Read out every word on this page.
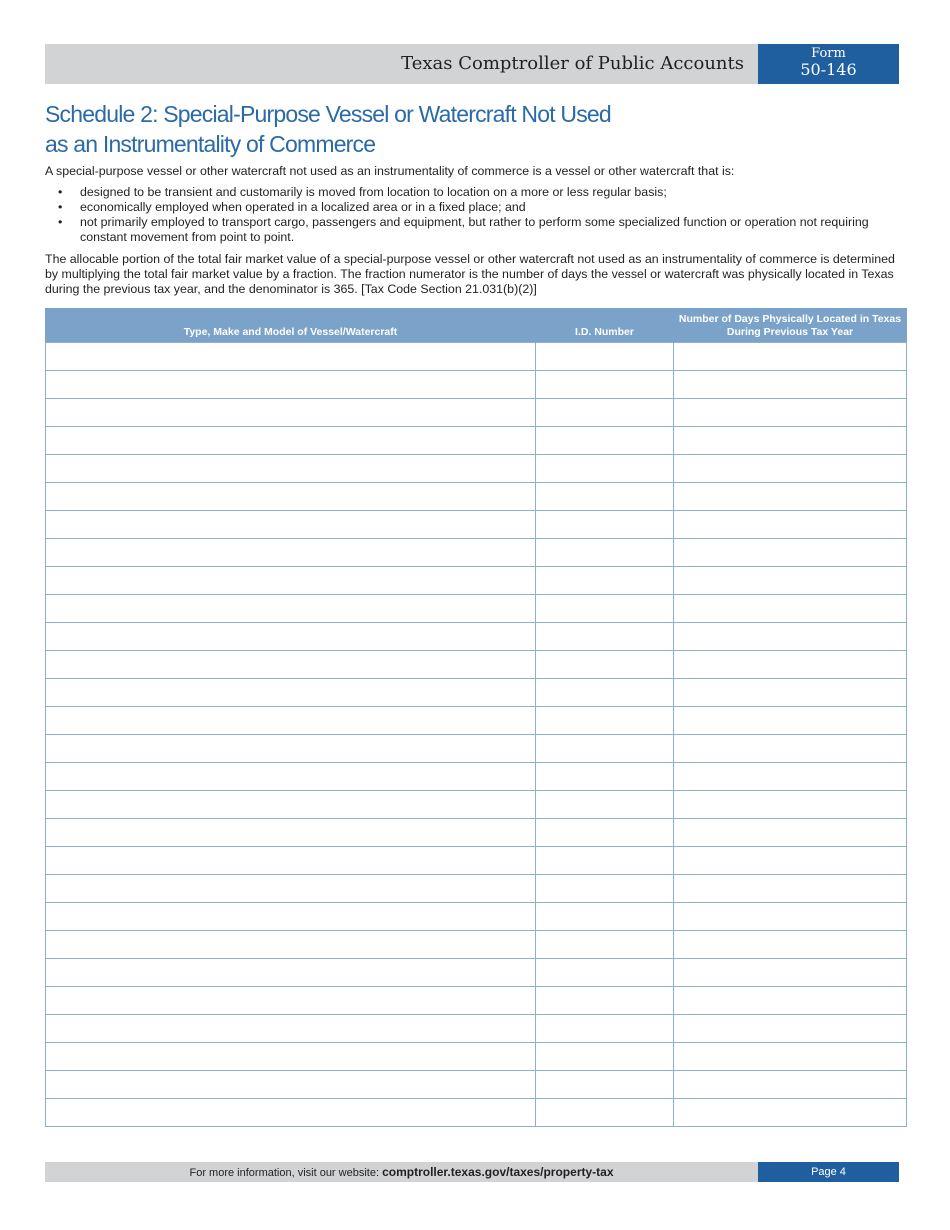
Texas Comptroller of Public Accounts	Form
50-146
Schedule 2: Special-Purpose Vessel or Watercraft Not Used
as an Instrumentality of Commerce

A special-purpose vessel or other watercraft not used as an instrumentality of commerce is a vessel or other watercraft that is:

• designed to be transient and customarily is moved from location to location on a more or less regular basis;
• economically employed when operated in a localized area or in a fixed place; and
• not primarily employed to transport cargo, passengers and equipment, but rather to perform some specialized function or operation not requiring constant movement from point to point.

The allocable portion of the total fair market value of a special-purpose vessel or other watercraft not used as an instrumentality of commerce is determined by multiplying the total fair market value by a fraction. The fraction numerator is the number of days the vessel or watercraft was physically located in Texas during the previous tax year, and the denominator is 365. [Tax Code Section 21.031(b)(2)]

Type, Make and Model of Vessel/Watercraft	I.D. Number	Number of Days Physically Located in Texas During Previous Tax Year

For more information, visit our website: comptroller.texas.gov/taxes/property-tax	Page 4
